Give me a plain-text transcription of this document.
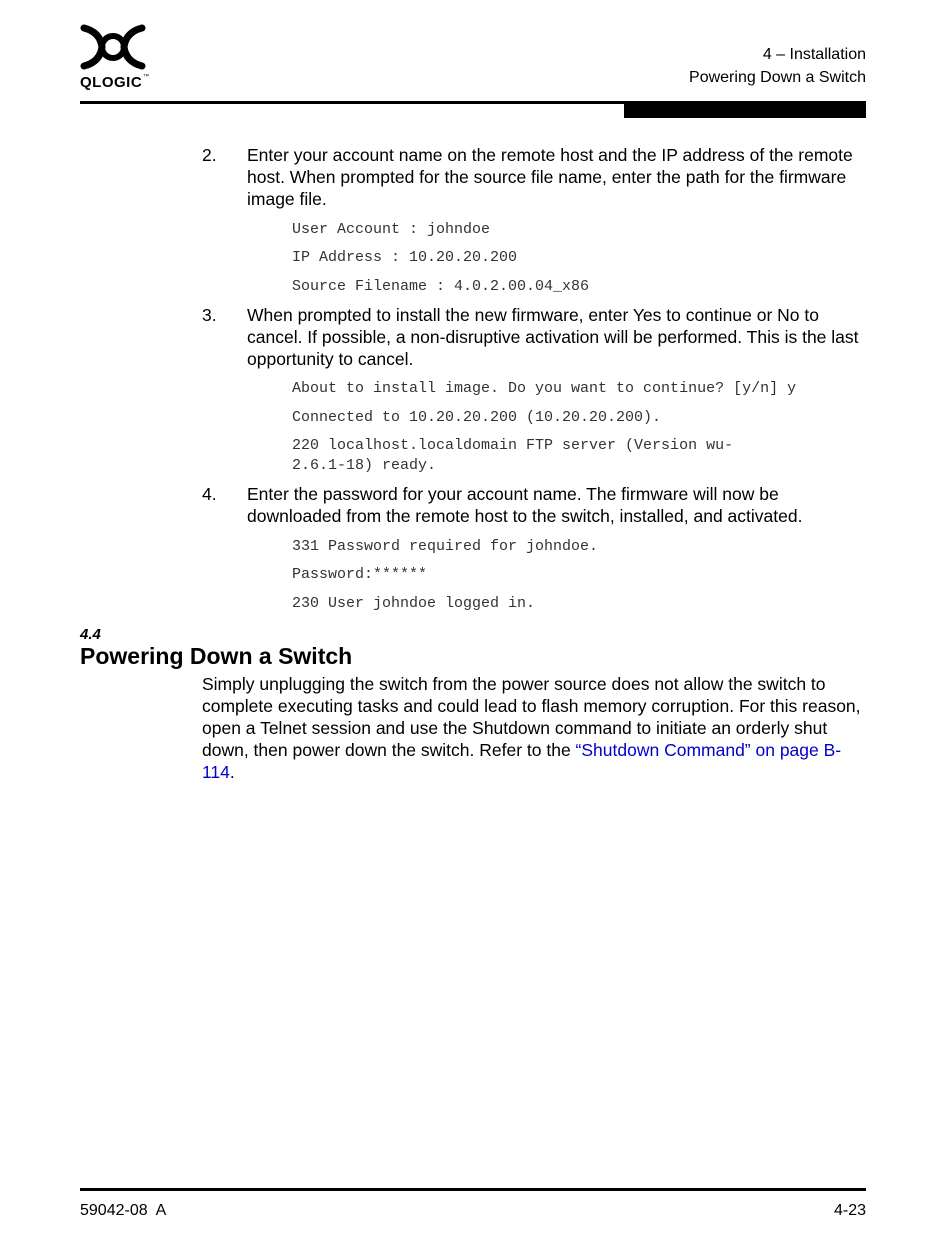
QLOGIC™
4 – Installation
Powering Down a Switch
2. Enter your account name on the remote host and the IP address of the remote host. When prompted for the source file name, enter the path for the firmware image file.
User Account : johndoe
IP Address : 10.20.20.200
Source Filename : 4.0.2.00.04_x86
3. When prompted to install the new firmware, enter Yes to continue or No to cancel. If possible, a non-disruptive activation will be performed. This is the last opportunity to cancel.
About to install image. Do you want to continue? [y/n] y
Connected to 10.20.20.200 (10.20.20.200).
220 localhost.localdomain FTP server (Version wu-2.6.1-18) ready.
4. Enter the password for your account name. The firmware will now be downloaded from the remote host to the switch, installed, and activated.
331 Password required for johndoe.
Password:******
230 User johndoe logged in.
4.4
Powering Down a Switch
Simply unplugging the switch from the power source does not allow the switch to complete executing tasks and could lead to flash memory corruption. For this reason, open a Telnet session and use the Shutdown command to initiate an orderly shut down, then power down the switch. Refer to the “Shutdown Command” on page B-114.
59042-08  A	4-23
